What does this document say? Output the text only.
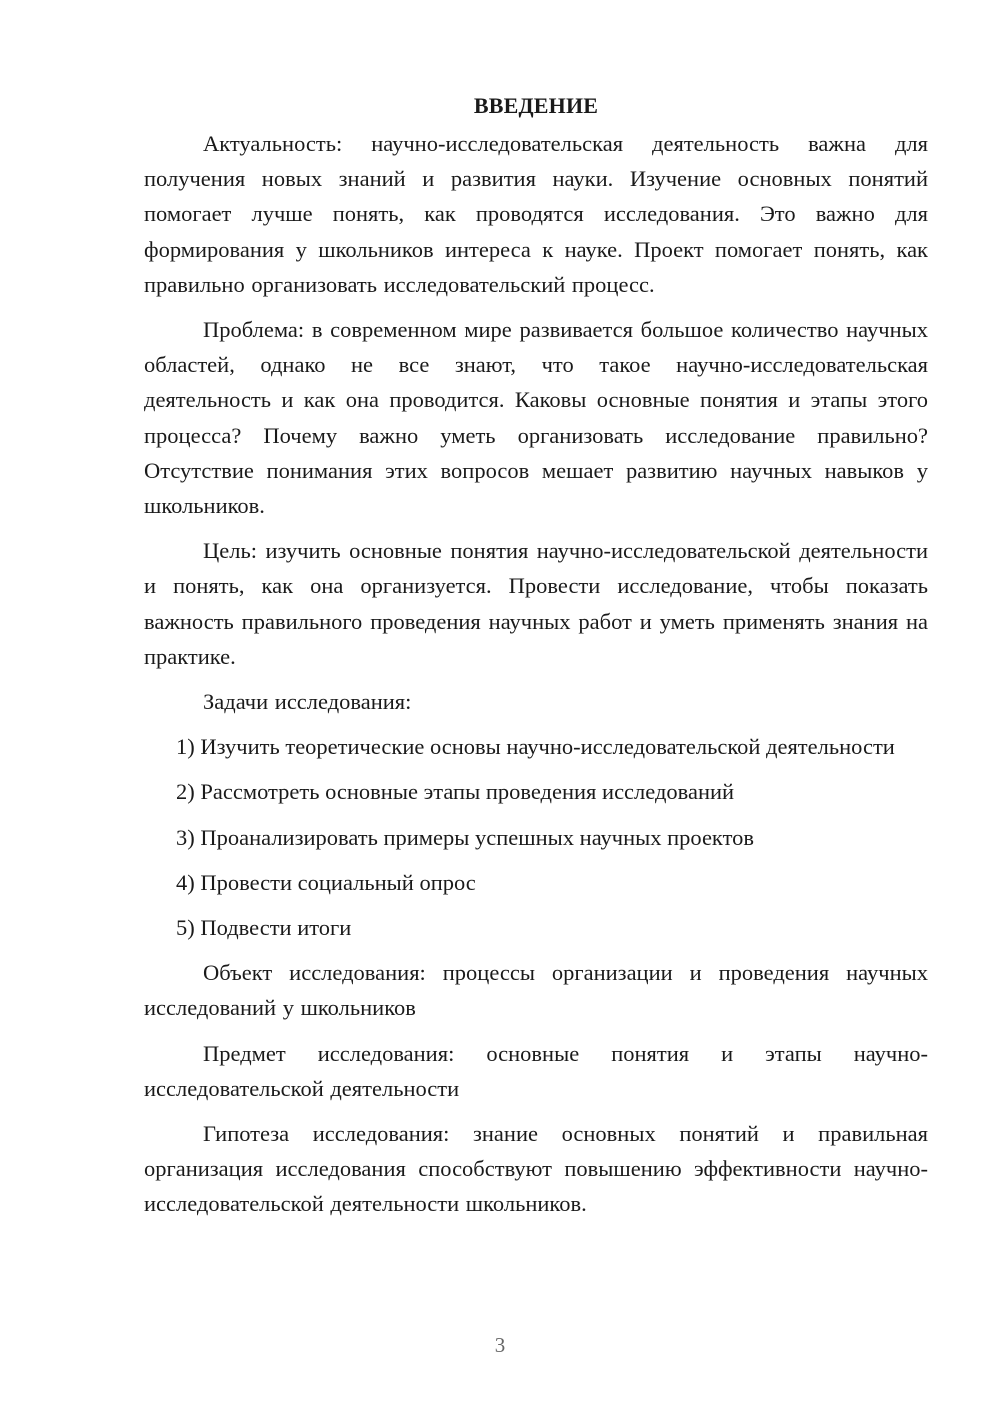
ВВЕДЕНИЕ

Актуальность: научно-исследовательская деятельность важна для получения новых знаний и развития науки. Изучение основных понятий помогает лучше понять, как проводятся исследования. Это важно для формирования у школьников интереса к науке. Проект помогает понять, как правильно организовать исследовательский процесс.

Проблема: в современном мире развивается большое количество научных областей, однако не все знают, что такое научно-исследовательская деятельность и как она проводится. Каковы основные понятия и этапы этого процесса? Почему важно уметь организовать исследование правильно? Отсутствие понимания этих вопросов мешает развитию научных навыков у школьников.

Цель: изучить основные понятия научно-исследовательской деятельности и понять, как она организуется. Провести исследование, чтобы показать важность правильного проведения научных работ и уметь применять знания на практике.

Задачи исследования:

1) Изучить теоретические основы научно-исследовательской деятельности

2) Рассмотреть основные этапы проведения исследований

3) Проанализировать примеры успешных научных проектов

4) Провести социальный опрос

5) Подвести итоги

Объект исследования: процессы организации и проведения научных исследований у школьников

Предмет исследования: основные понятия и этапы научно-исследовательской деятельности

Гипотеза исследования: знание основных понятий и правильная организация исследования способствуют повышению эффективности научно-исследовательской деятельности школьников.

3
